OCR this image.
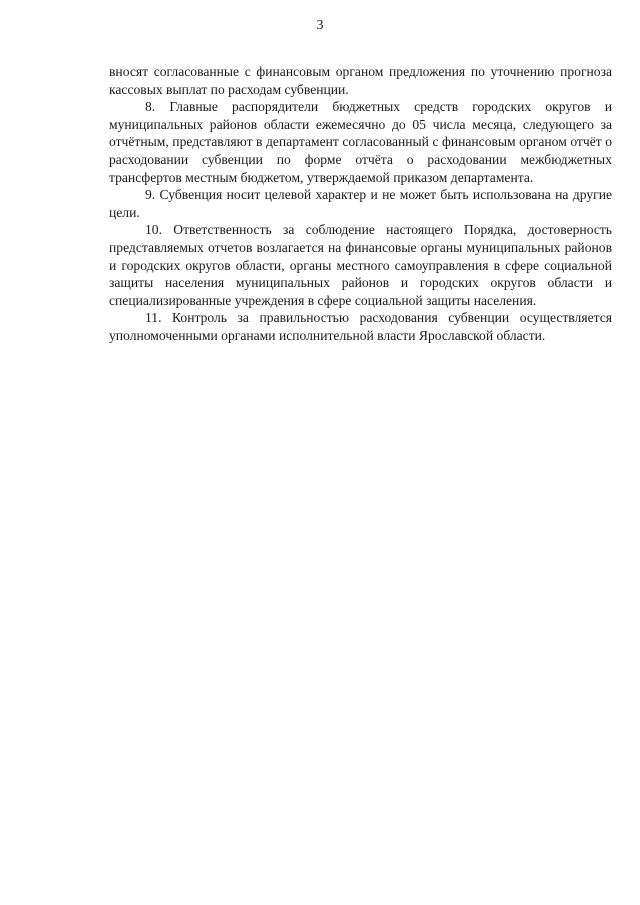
3

вносят согласованные с финансовым органом предложения по уточнению прогноза кассовых выплат по расходам субвенции.

8. Главные распорядители бюджетных средств городских округов и муниципальных районов области ежемесячно до 05 числа месяца, следующего за отчётным, представляют в департамент согласованный с финансовым органом отчёт о расходовании субвенции по форме отчёта о расходовании межбюджетных трансфертов местным бюджетом, утверждаемой приказом департамента.

9. Субвенция носит целевой характер и не может быть использована на другие цели.

10. Ответственность за соблюдение настоящего Порядка, достоверность представляемых отчетов возлагается на финансовые органы муниципальных районов и городских округов области, органы местного самоуправления в сфере социальной защиты населения муниципальных районов и городских округов области и специализированные учреждения в сфере социальной защиты населения.

11. Контроль за правильностью расходования субвенции осуществляется уполномоченными органами исполнительной власти Ярославской области.
